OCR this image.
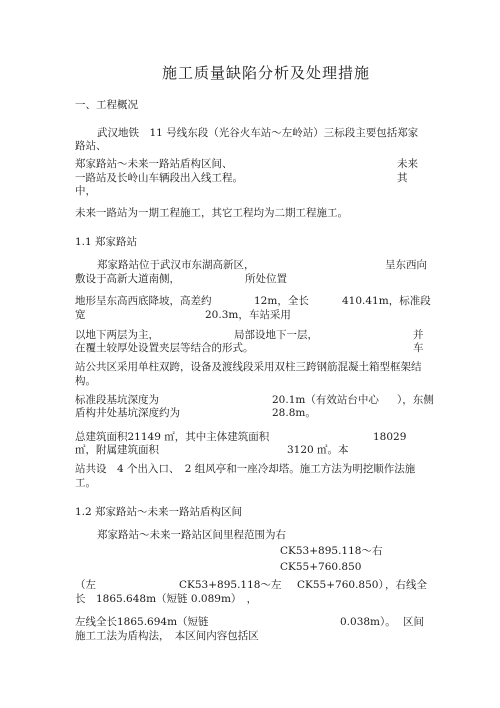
施工质量缺陷分析及处理措施
一、工程概况
武汉地铁　11 号线东段（光谷火车站～左岭站）三标段主要包括郑家
路站、
郑家路站～未来一路站盾构区间、	未来
一路站及长岭山车辆段出入线工程。	其
中，
未来一路站为一期工程施工，其它工程均为二期工程施工。
1.1 郑家路站
郑家路站位于武汉市东湖高新区，	呈东西向
敷设于高新大道南侧，	所处位置
地形呈东高西底降坡，高差约	12m，全长	410.41m，标准段
宽	20.3m，车站采用
以地下两层为主，	局部设地下一层，	并
在覆土较厚处设置夹层等结合的形式。	车
站公共区采用单柱双跨，设备及渡线段采用双柱三跨钢筋混凝土箱型框架结
构。
标准段基坑深度为	20.1m（有效站台中心 ），东侧
盾构井处基坑深度约为	28.8m。
总建筑面积21149 ㎡，其中主体建筑面积	18029
㎡，附属建筑面积	3120 ㎡。本
站共设　4 个出入口、　2 组风亭和一座冷却塔。施工方法为明挖顺作法施
工。
1.2 郑家路站～未来一路站盾构区间
郑家路站～未来一路站区间里程范围为右
CK53+895.118～右
CK55+760.850
（左	CK53+895.118～左 CK55+760.850）
，右线全
长　1865.648m（短链 0.089m）　，
左线全长1865.694m（短链	0.038m）。 区间
施工工法为盾构法，　本区间内容包括区
